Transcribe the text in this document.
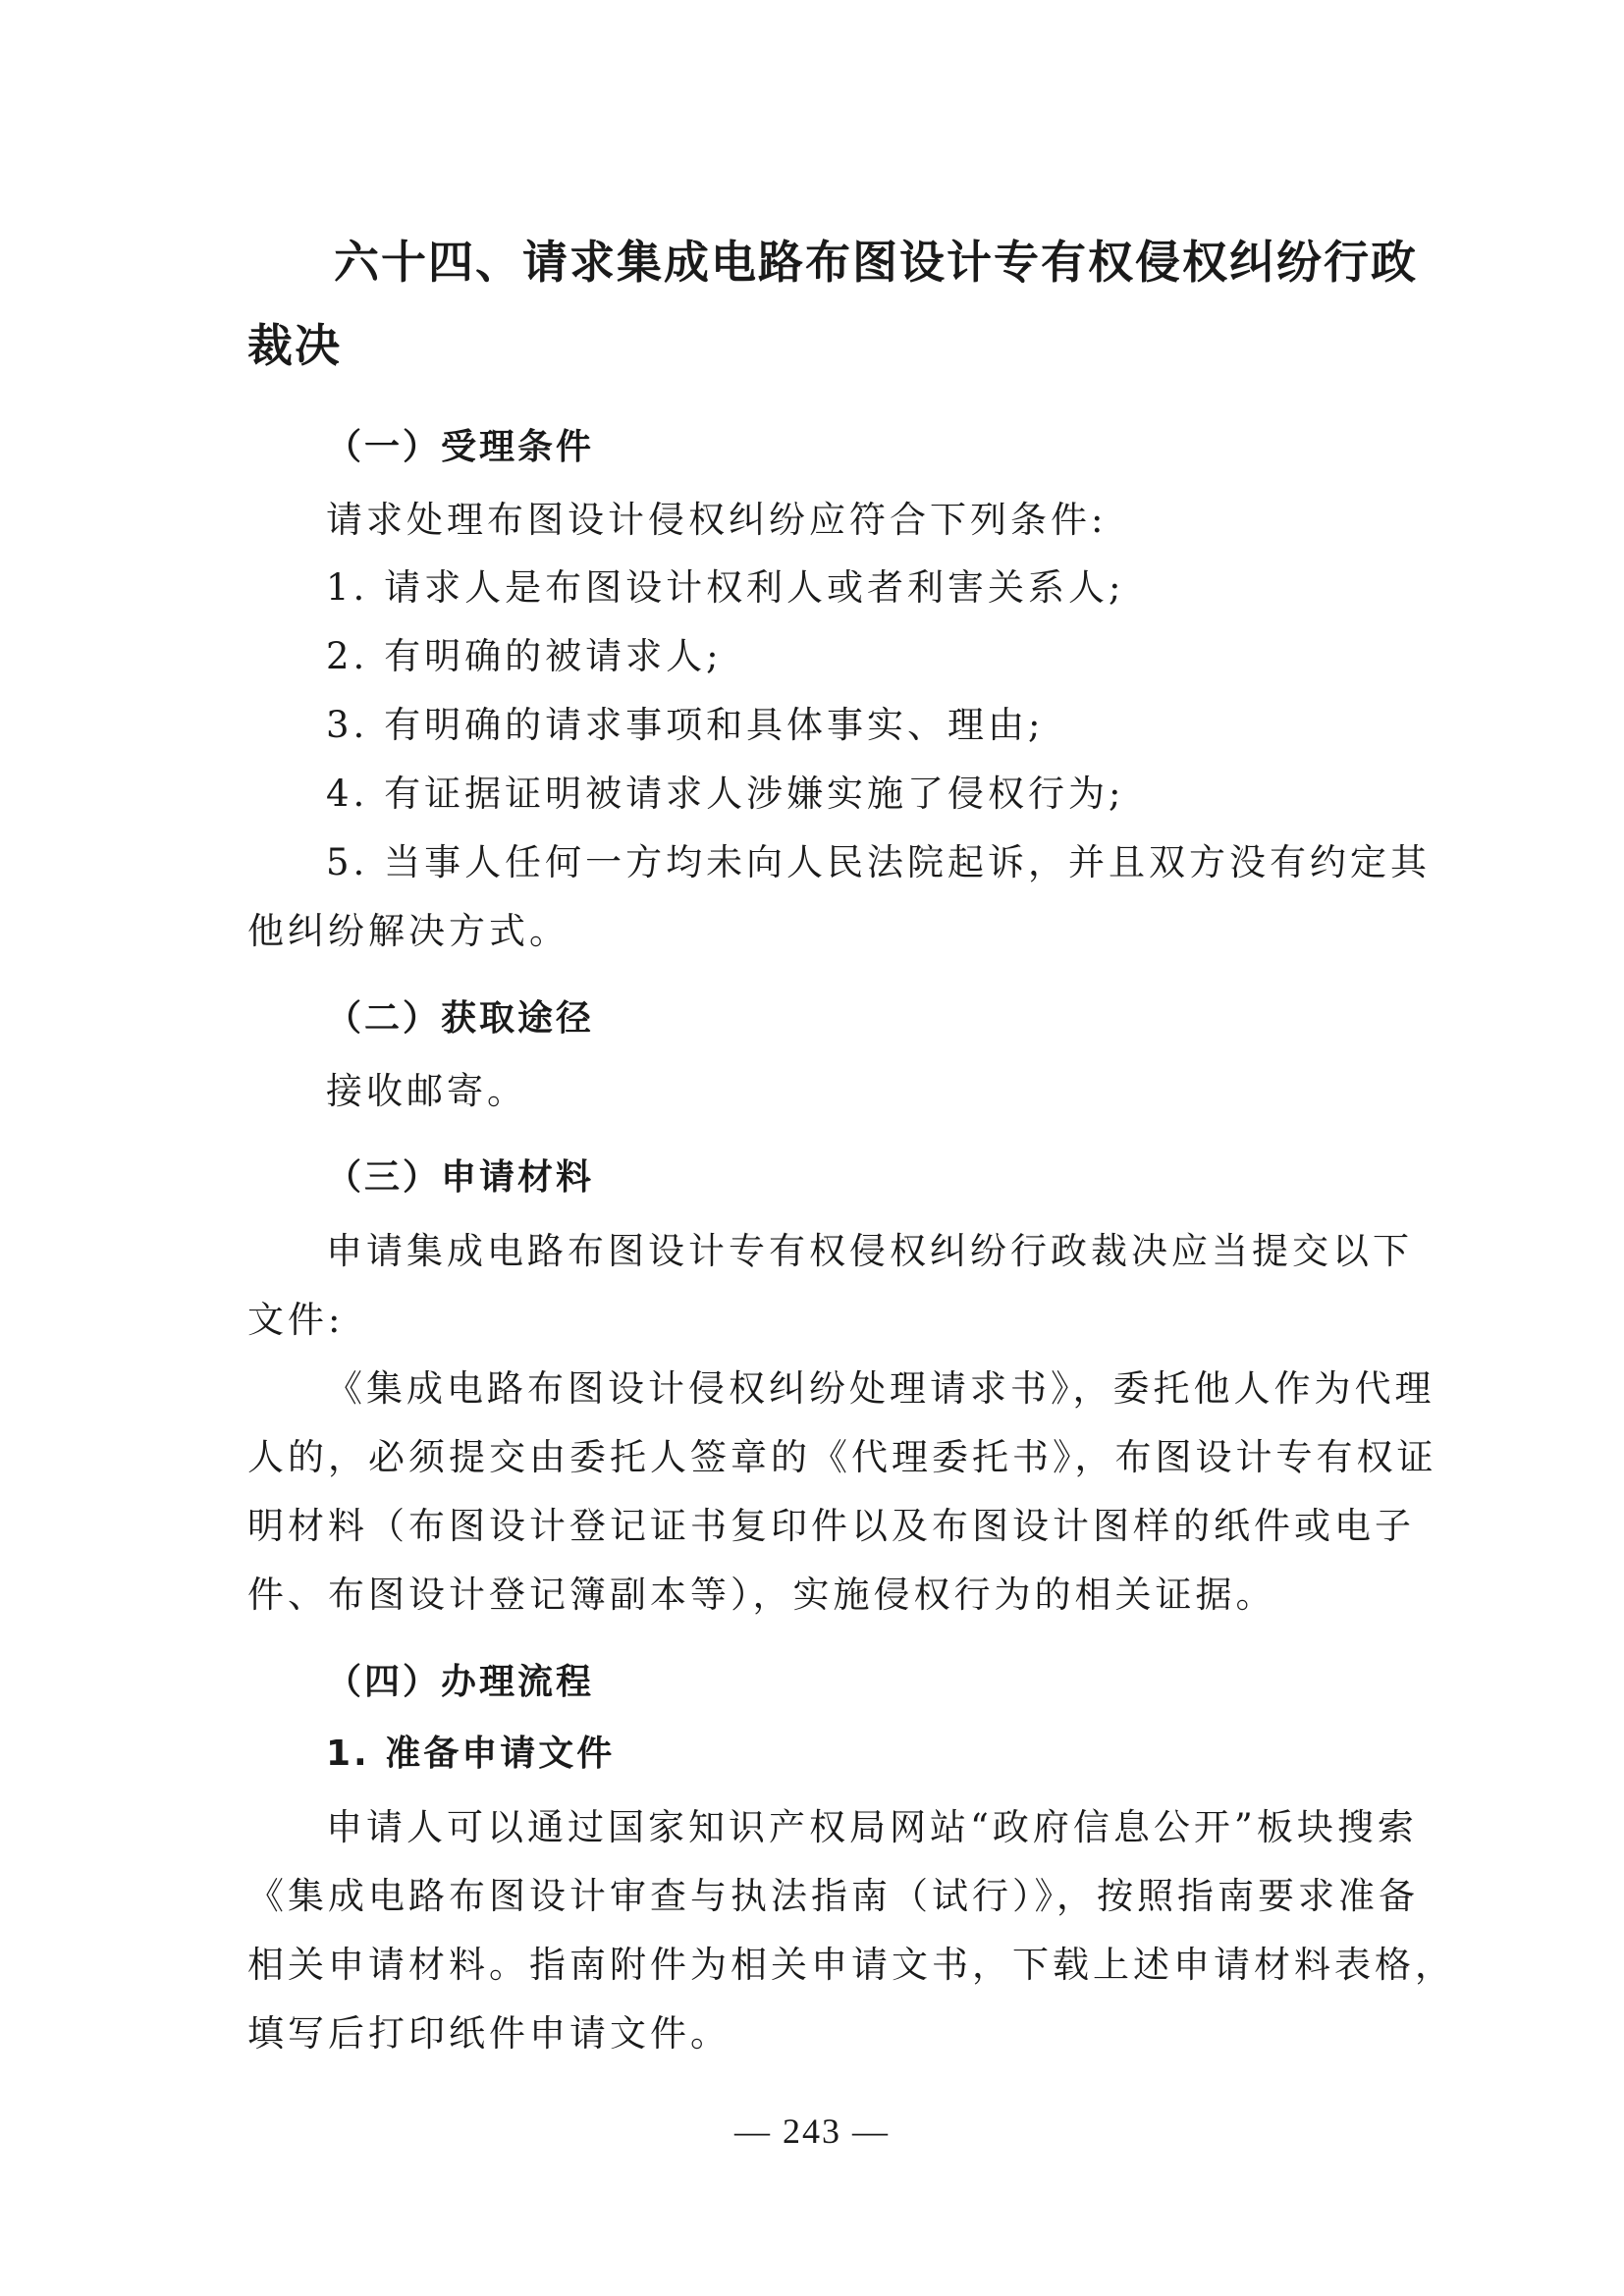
六十四、请求集成电路布图设计专有权侵权纠纷行政
裁决
（一）受理条件
请求处理布图设计侵权纠纷应符合下列条件:
1. 请求人是布图设计权利人或者利害关系人;
2. 有明确的被请求人;
3. 有明确的请求事项和具体事实、理由;
4. 有证据证明被请求人涉嫌实施了侵权行为;
5. 当事人任何一方均未向人民法院起诉，并且双方没有约定其
他纠纷解决方式。
（二）获取途径
接收邮寄。
（三）申请材料
申请集成电路布图设计专有权侵权纠纷行政裁决应当提交以下
文件:
《集成电路布图设计侵权纠纷处理请求书》，委托他人作为代理
人的，必须提交由委托人签章的《代理委托书》，布图设计专有权证
明材料（布图设计登记证书复印件以及布图设计图样的纸件或电子
件、布图设计登记簿副本等），实施侵权行为的相关证据。
（四）办理流程
1. 准备申请文件
申请人可以通过国家知识产权局网站“政府信息公开”板块搜索
《集成电路布图设计审查与执法指南（试行）》，按照指南要求准备
相关申请材料。指南附件为相关申请文书，下载上述申请材料表格，
填写后打印纸件申请文件。
— 243 —
